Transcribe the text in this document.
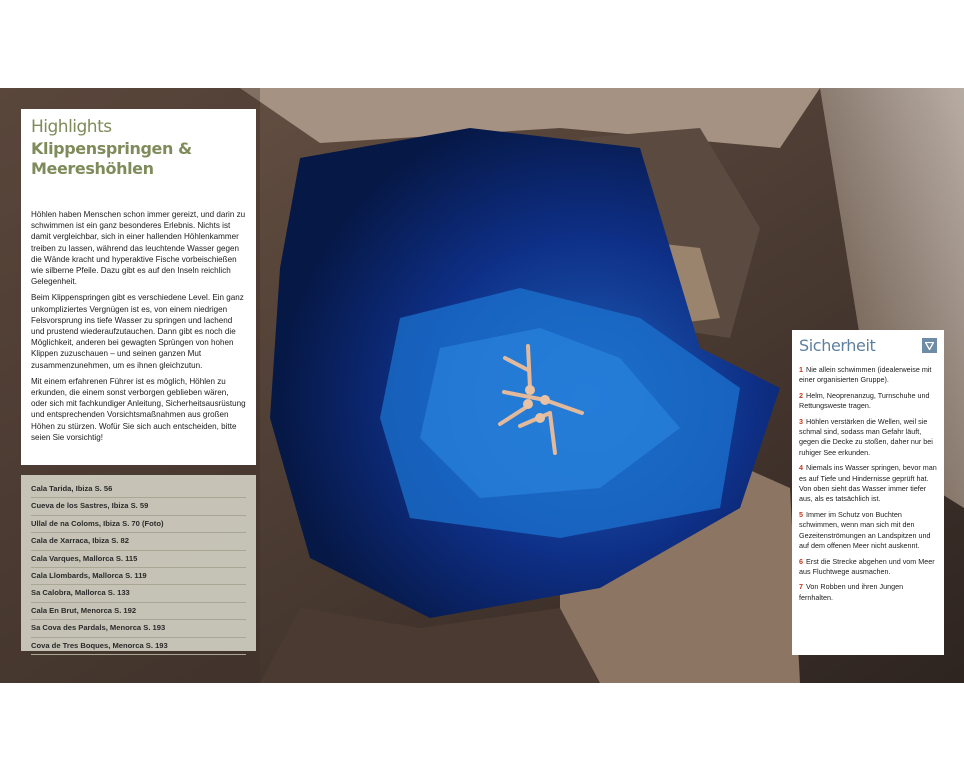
Highlights
Klippenspringen &
Meereshöhlen

Höhlen haben Menschen schon immer gereizt, und darin zu schwimmen ist ein ganz besonderes Erlebnis. Nichts ist damit vergleichbar, sich in einer hallenden Höhlenkammer treiben zu lassen, während das leuchtende Wasser gegen die Wände kracht und hyperaktive Fische vorbeischießen wie silberne Pfeile. Dazu gibt es auf den Inseln reichlich Gelegenheit.

Beim Klippenspringen gibt es verschiedene Level. Ein ganz unkompliziertes Vergnügen ist es, von einem niedrigen Felsvorsprung ins tiefe Wasser zu springen und lachend und prustend wiederaufzutauchen. Dann gibt es noch die Möglichkeit, anderen bei gewagten Sprüngen von hohen Klippen zuzuschauen – und seinen ganzen Mut zusammenzunehmen, um es ihnen gleichzutun.

Mit einem erfahrenen Führer ist es möglich, Höhlen zu erkunden, die einem sonst verborgen geblieben wären, oder sich mit fachkundiger Anleitung, Sicherheitsausrüstung und entsprechenden Vorsichtsmaßnahmen aus großen Höhen zu stürzen. Wofür Sie sich auch entscheiden, bitte seien Sie vorsichtig!

Cala Tarida, Ibiza S. 56
Cueva de los Sastres, Ibiza S. 59
Ullal de na Coloms, Ibiza S. 70 (Foto)
Cala de Xarraca, Ibiza S. 82
Cala Varques, Mallorca S. 115
Cala Llombards, Mallorca S. 119
Sa Calobra, Mallorca S. 133
Cala En Brut, Menorca S. 192
Sa Cova des Pardals, Menorca S. 193
Cova de Tres Boques, Menorca S. 193
Sicherheit
1 Nie allein schwimmen (idealerweise mit einer organisierten Gruppe).
2 Helm, Neoprenanzug, Turnschuhe und Rettungsweste tragen.
3 Höhlen verstärken die Wellen, weil sie schmal sind, sodass man Gefahr läuft, gegen die Decke zu stoßen, daher nur bei ruhiger See erkunden.
4 Niemals ins Wasser springen, bevor man es auf Tiefe und Hindernisse geprüft hat. Von oben sieht das Wasser immer tiefer aus, als es tatsächlich ist.
5 Immer im Schutz von Buchten schwimmen, wenn man sich mit den Gezeitenströmungen an Landspitzen und auf dem offenen Meer nicht auskennt.
6 Erst die Strecke abgehen und vom Meer aus Fluchtwege ausmachen.
7 Von Robben und ihren Jungen fernhalten.
